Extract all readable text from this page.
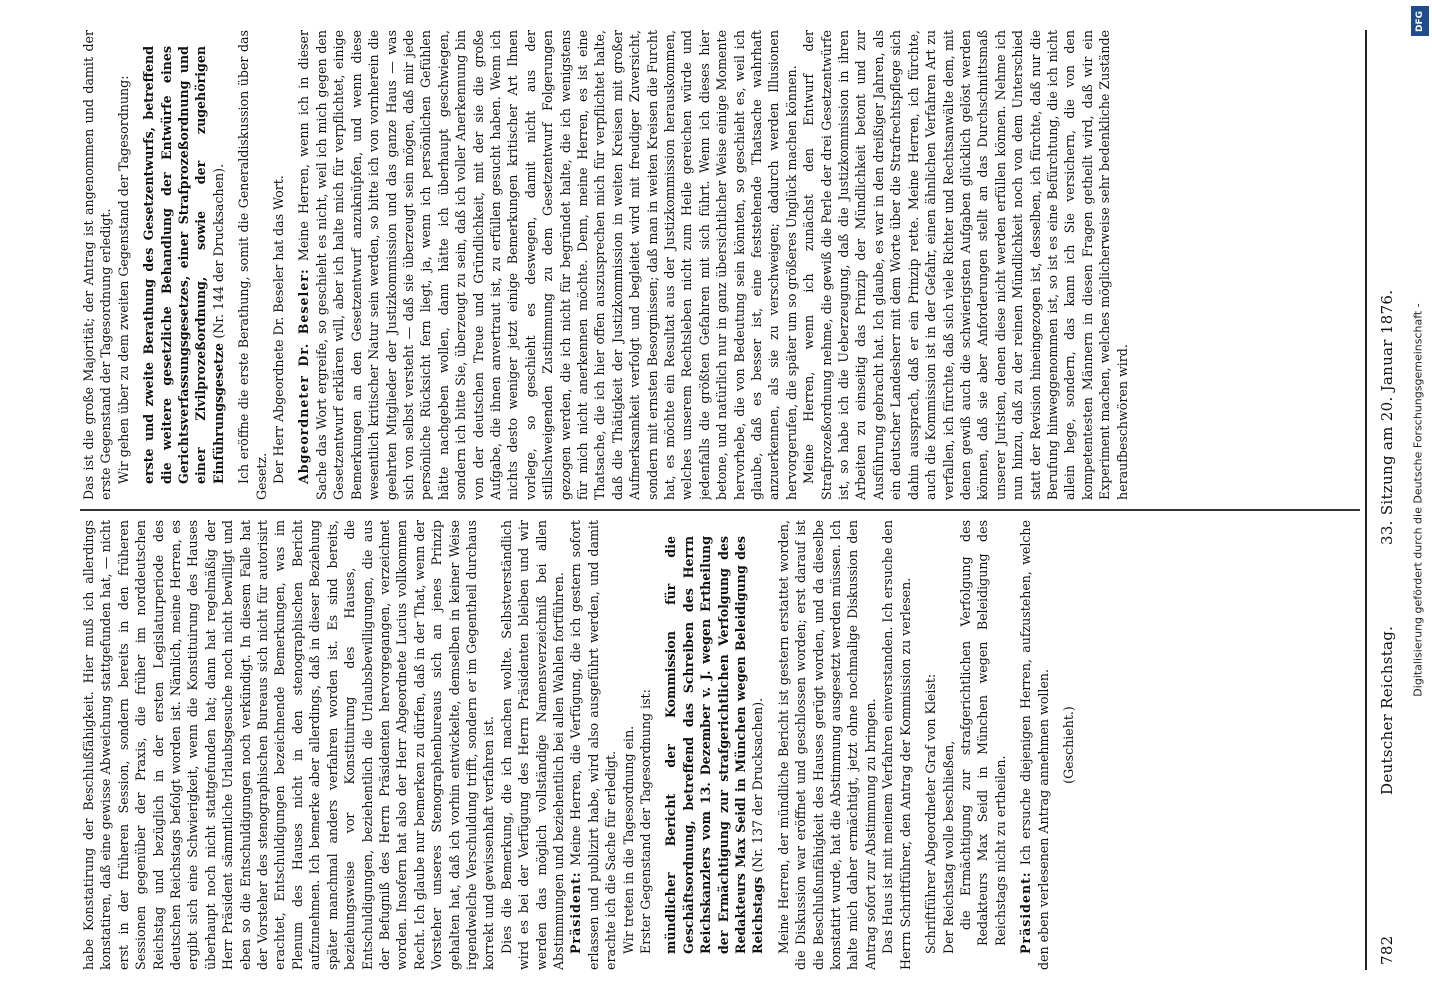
782
Deutscher Reichstag.
33. Sitzung am 20. Januar 1876.

habe Konstatirung der Beschlußfähigkeit. Hier muß ich allerdings konstatiren, daß eine gewisse Abweichung stattgefunden hat, — nicht erst in der früheren Session, sondern bereits in den früheren Sessionen gegenüber der Praxis, die früher im norddeutschen Reichstag und bezüglich in der ersten Legislaturperiode des deutschen Reichstags befolgt worden ist. Nämlich, meine Herren, es ergibt sich eine Schwierigkeit, wenn die Konstituirung des Hauses überhaupt noch nicht stattgefunden hat; dann hat regelmäßig der Herr Präsident sämmtliche Urlaubsgesuche noch nicht bewilligt und eben so die Entschuldigungen noch verkündigt. In diesem Falle hat der Vorsteher des stenographischen Bureaus sich nicht für autorisirt erachtet, Entschuldigungen bezeichnende Bemerkungen, was im Plenum des Hauses nicht in den stenographischen Bericht aufzunehmen. Ich bemerke aber allerdings, daß in dieser Beziehung später manchmal anders verfahren worden ist. Es sind bereits, beziehungsweise vor Konstituirung des Hauses, die Entschuldigungen, beziehentlich die Urlaubsbewilligungen, die aus der Befugniß des Herrn Präsidenten hervorgegangen, verzeichnet worden. Insofern hat also der Herr Abgeordnete Lucius vollkommen Recht. Ich glaube nur bemerken zu dürfen, daß in der That, wenn der Vorsteher unseres Stenographenbureaus sich an jenes Prinzip gehalten hat, daß ich vorhin entwickelte, demselben in keiner Weise irgendwelche Verschuldung trifft, sondern er im Gegentheil durchaus korrekt und gewissenhaft verfahren ist. Dies die Bemerkung, die ich machen wollte. Selbstverständlich wird es bei der Verfügung des Herrn Präsidenten bleiben und wir werden das möglich vollständige Namensverzeichniß bei allen Abstimmungen und beziehentlich bei allen Wahlen fortführen. Präsident: Meine Herren, die Verfügung, die ich gestern sofort erlassen und publizirt habe, wird also ausgeführt werden, und damit erachte ich die Sache für erledigt. Wir treten in die Tagesordnung ein. Erster Gegenstand der Tagesordnung ist: mündlicher Bericht der Kommission für die Geschäftsordnung, betreffend das Schreiben des Herrn Reichskanzlers vom 13. Dezember v. J. wegen Ertheilung der Ermächtigung zur strafgerichtlichen Verfolgung des Redakteurs Max Seidl in München wegen Beleidigung des Reichstags (Nr. 137 der Drucksachen). Meine Herren, der mündliche Bericht ist gestern erstattet worden, die Diskussion war eröffnet und geschlossen worden; erst darauf ist die Beschlußunfähigkeit des Hauses gerügt worden, und da dieselbe konstatirt wurde, hat die Abstimmung ausgesetzt werden müssen. Ich halte mich daher ermächtigt, jetzt ohne nochmalige Diskussion den Antrag sofort zur Abstimmung zu bringen. Das Haus ist mit meinem Verfahren einverstanden. Ich ersuche den Herrn Schriftführer, den Antrag der Kommission zu verlesen. Schriftführer Abgeordneter Graf von Kleist: Der Reichstag wolle beschließen, die Ermächtigung zur strafgerichtlichen Verfolgung des Redakteurs Max Seidl in München wegen Beleidigung des Reichstags nicht zu ertheilen. Präsident: Ich ersuche diejenigen Herren, aufzustehen, welche den eben verlesenen Antrag annehmen wollen. (Geschieht.)

Das ist die große Majorität; der Antrag ist angenommen und damit der erste Gegenstand der Tagesordnung erledigt. Wir gehen über zu dem zweiten Gegenstand der Tagesordnung: erste und zweite Berathung des Gesetzentwurfs, betreffend die weitere gesetzliche Behandlung der Entwürfe eines Gerichtsverfassungsgesetzes, einer Strafprozeßordnung und einer Zivilprozeßordnung, sowie der zugehörigen Einführungsgesetze (Nr. 144 der Drucksachen). Ich eröffne die erste Berathung, somit die Generaldiskussion über das Gesetz. Der Herr Abgeordnete Dr. Beseler hat das Wort. Abgeordneter Dr. Beseler: Meine Herren, wenn ich in dieser Sache das Wort ergreife, so geschieht es nicht, weil ich mich gegen den Gesetzentwurf erklären will, aber ich halte mich für verpflichtet, einige Bemerkungen an den Gesetzentwurf anzuknüpfen, und wenn diese wesentlich kritischer Natur sein werden, so bitte ich von vornherein die geehrten Mitglieder der Justizkommission und das ganze Haus — was sich von selbst versteht — daß sie überzeugt sein mögen, daß mir jede persönliche Rücksicht fern liegt, ja, wenn ich persönlichen Gefühlen hätte nachgeben wollen, dann hätte ich überhaupt geschwiegen, sondern ich bitte Sie, überzeugt zu sein, daß ich voller Anerkennung bin von der deutschen Treue und Gründlichkeit, mit der sie die große Aufgabe, die ihnen anvertraut ist, zu erfüllen gesucht haben. Wenn ich nichts desto weniger jetzt einige Bemerkungen kritischer Art Ihnen vorlege, so geschieht es deswegen, damit nicht aus der stillschweigenden Zustimmung zu dem Gesetzentwurf Folgerungen gezogen werden, die ich nicht für begründet halte, die ich wenigstens für mich nicht anerkennen möchte. Denn, meine Herren, es ist eine Thatsache, die ich hier offen auszusprechen mich für verpflichtet halte, daß die Thätigkeit der Justizkommission in weiten Kreisen mit großer Aufmerksamkeit verfolgt und begleitet wird mit freudiger Zuversicht, sondern mit ernsten Besorgnissen; daß man in weiten Kreisen die Furcht hat, es möchte ein Resultat aus der Justizkommission herauskommen, welches unserem Rechtsleben nicht zum Heile gereichen würde und jedenfalls die größten Gefahren mit sich führt. Wenn ich dieses hier betone, und natürlich nur in ganz übersichtlicher Weise einige Momente hervorhebe, die von Bedeutung sein könnten, so geschieht es, weil ich glaube, daß es besser ist, eine feststehende Thatsache wahrhaft anzuerkennen, als sie zu verschweigen; dadurch werden Illusionen hervorgerufen, die später um so größeres Unglück machen können. Meine Herren, wenn ich zunächst den Entwurf der Strafprozeßordnung nehme, die gewiß die Perle der drei Gesetzentwürfe ist, so habe ich die Ueberzeugung, daß die Justizkommission in ihren Arbeiten zu einseitig das Prinzip der Mündlichkeit betont und zur Ausführung gebracht hat. Ich glaube, es war in den dreißiger Jahren, als ein deutscher Landesherr mit dem Worte über die Strafrechtspflege sich dahin aussprach, daß er ein Prinzip rette. Meine Herren, ich fürchte, auch die Kommission ist in der Gefahr, einen ähnlichen Verfahren Art zu verfallen, ich fürchte, daß sich viele Richter und Rechtsanwälte dem, mit denen gewiß auch die schwierigsten Aufgaben glücklich gelöst werden können, daß sie aber Anforderungen stellt an das Durchschnittsmaß unserer Juristen, denen diese nicht werden erfüllen können. Nehme ich nun hinzu, daß zu der reinen Mündlichkeit noch von dem Unterschied statt der Revision hineingezogen ist, desselben, ich fürchte, daß nur die Berufung hinweggenommen ist, so ist es eine Befürchtung, die ich nicht allein hege, sondern, das kann ich Sie versichern, die von den kompetentesten Männern in diesen Fragen getheilt wird, daß wir ein Experiment machen, welches möglicherweise sehr bedenkliche Zustände heraufbeschwören wird.	Digitalisierung gefördert durch die Deutsche Forschungsgemeinschaft -
DFG
